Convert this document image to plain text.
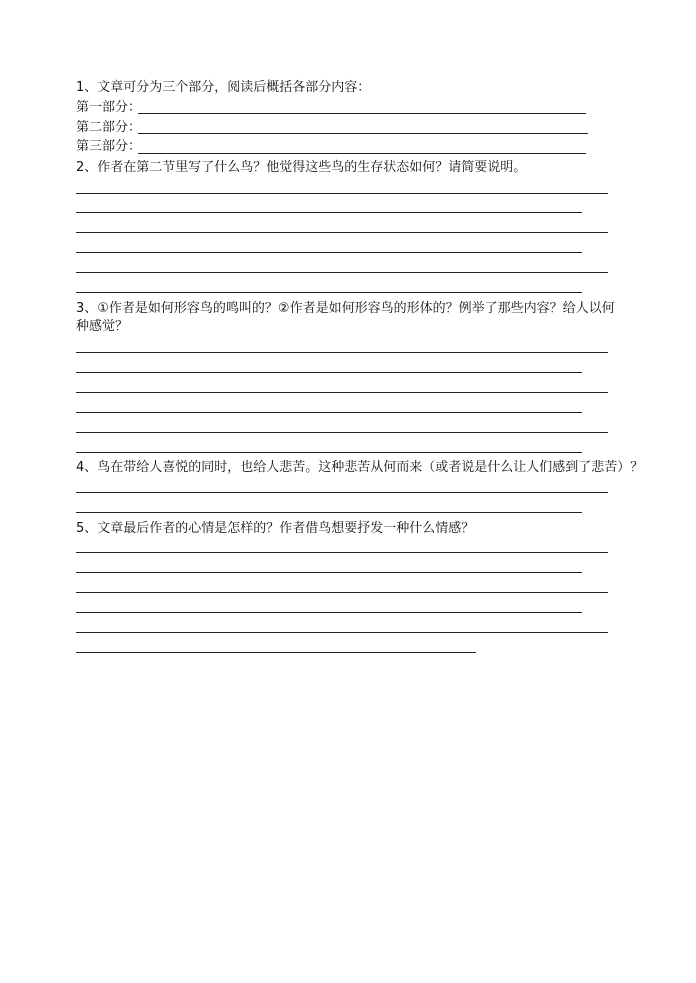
1、文章可分为三个部分，阅读后概括各部分内容：
第一部分：
第二部分：
第三部分：
2、作者在第二节里写了什么鸟？他觉得这些鸟的生存状态如何？请简要说明。
3、①作者是如何形容鸟的鸣叫的？②作者是如何形容鸟的形体的？例举了那些内容？给人以何种感觉？
4、鸟在带给人喜悦的同时，也给人悲苦。这种悲苦从何而来（或者说是什么让人们感到了悲苦）？
5、文章最后作者的心情是怎样的？作者借鸟想要抒发一种什么情感？
